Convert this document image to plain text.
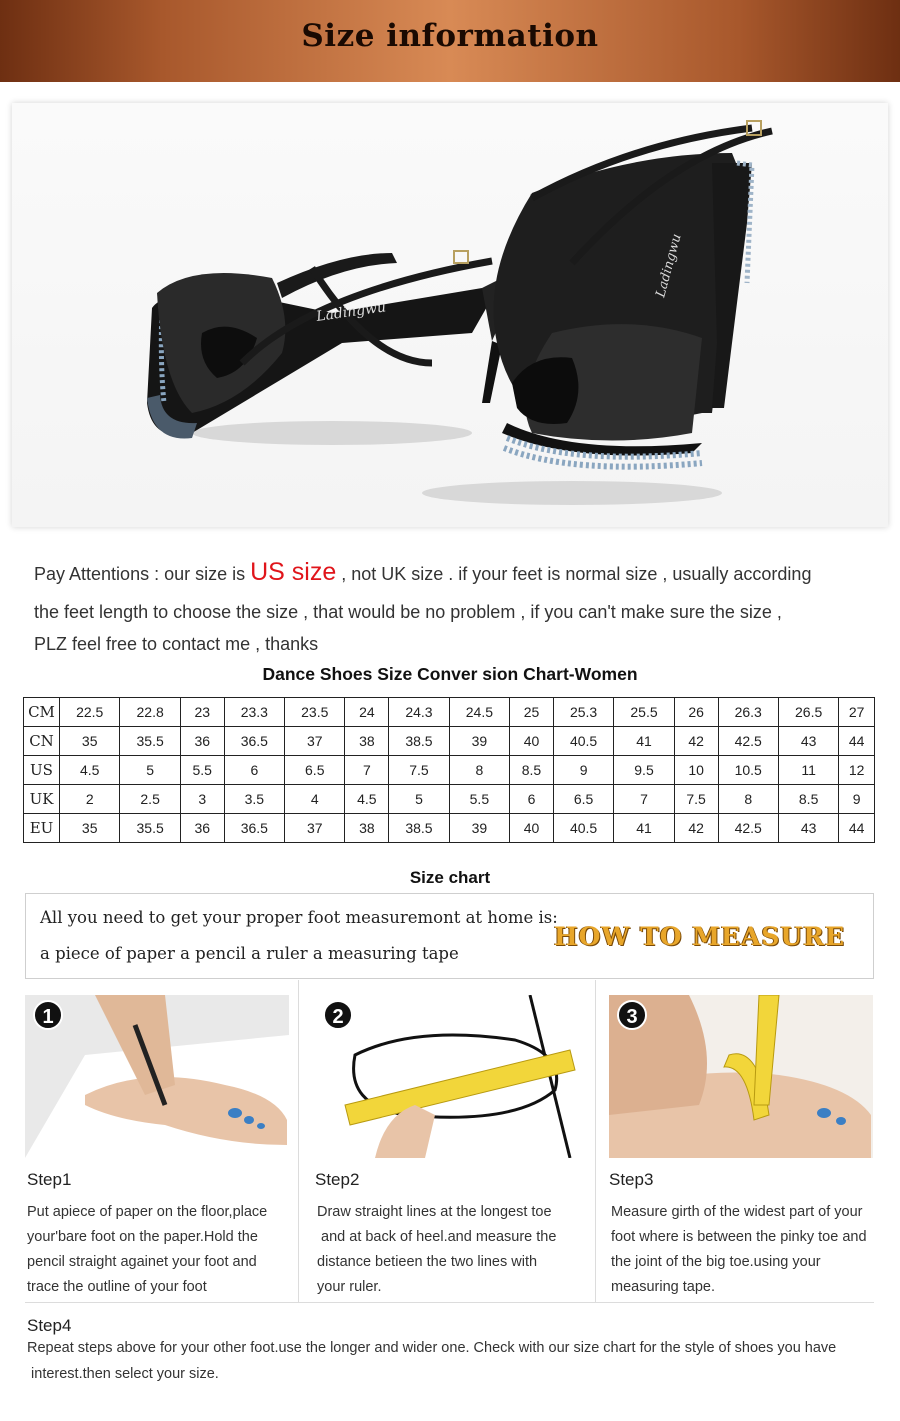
Size information
Ladingwu
Ladingwu
Pay Attentions : our size is US size , not UK size . if your feet is normal size , usually according
the feet length to choose the size , that would be no problem , if you can't make sure the size ,
PLZ feel free to contact me , thanks
Dance Shoes Size Conver sion Chart-Women
CM	22.5	22.8	23	23.3	23.5	24	24.3	24.5	25	25.3	25.5	26	26.3	26.5	27
CN	35	35.5	36	36.5	37	38	38.5	39	40	40.5	41	42	42.5	43	44
US	4.5	5	5.5	6	6.5	7	7.5	8	8.5	9	9.5	10	10.5	11	12
UK	2	2.5	3	3.5	4	4.5	5	5.5	6	6.5	7	7.5	8	8.5	9
EU	35	35.5	36	36.5	37	38	38.5	39	40	40.5	41	42	42.5	43	44
Size chart
All you need to get your proper foot measuremont at home is:
a piece of paper a pencil a ruler a measuring tape
HOW TO MEASURE
1	2	3
Step1
Put apiece of paper on the floor,place
your'bare foot on the paper.Hold the
pencil straight againet your foot and
trace the outline of your foot
Step2
Draw straight lines at the longest toe
and at back of heel.and measure the
distance betieen the two lines with
your ruler.
Step3
Measure girth of the widest part of your
foot where is between the pinky toe and
the joint of the big toe.using your
measuring tape.
Step4
Repeat steps above for your other foot.use the longer and wider one. Check with our size chart for the style of shoes you have
interest.then select your size.
